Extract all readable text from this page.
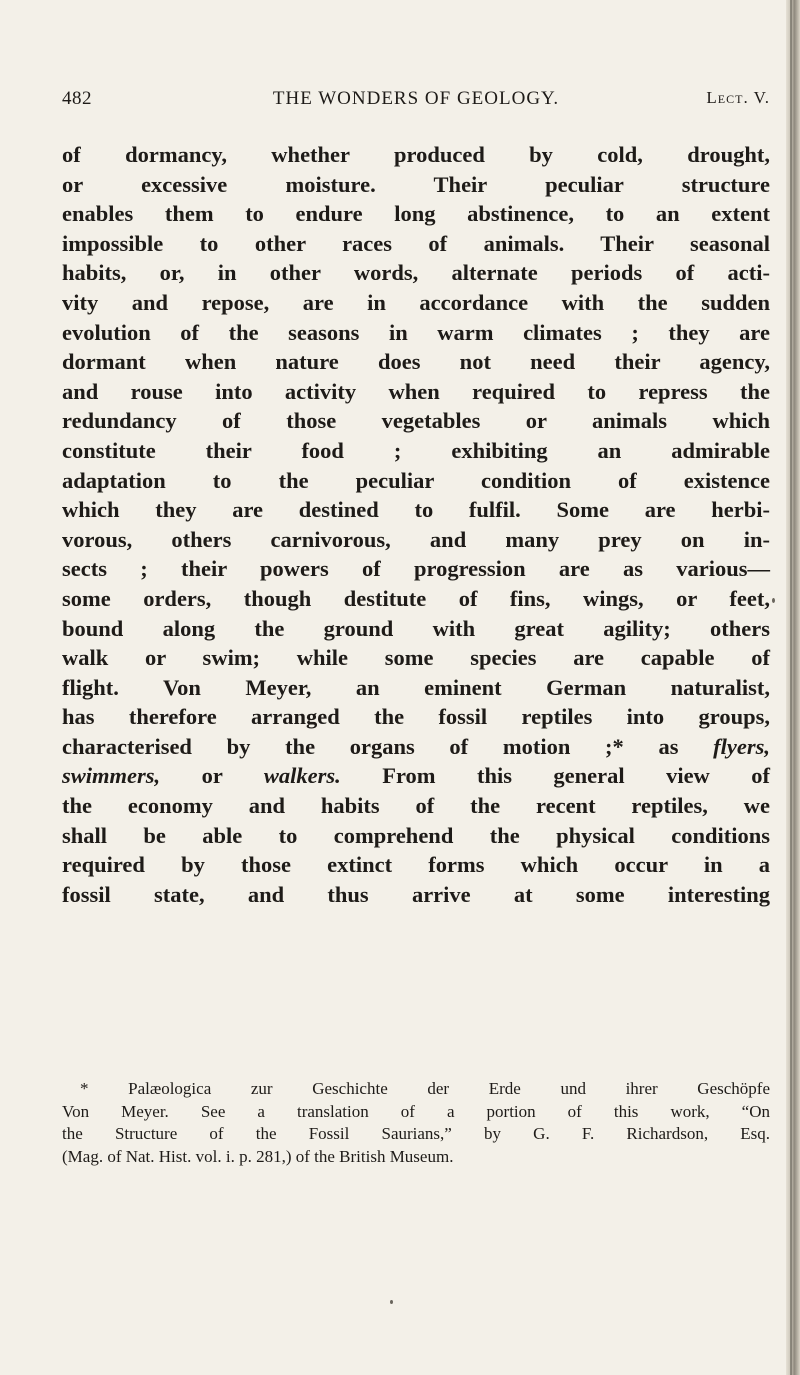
482	THE WONDERS OF GEOLOGY.	Lect. V.
of dormancy, whether produced by cold, drought,
or excessive moisture. Their peculiar structure
enables them to endure long abstinence, to an extent
impossible to other races of animals. Their seasonal
habits, or, in other words, alternate periods of acti-
vity and repose, are in accordance with the sudden
evolution of the seasons in warm climates ; they are
dormant when nature does not need their agency,
and rouse into activity when required to repress the
redundancy of those vegetables or animals which
constitute their food ; exhibiting an admirable
adaptation to the peculiar condition of existence
which they are destined to fulfil. Some are herbi-
vorous, others carnivorous, and many prey on in-
sects ; their powers of progression are as various—
some orders, though destitute of fins, wings, or feet,
bound along the ground with great agility; others
walk or swim; while some species are capable of
flight. Von Meyer, an eminent German naturalist,
has therefore arranged the fossil reptiles into groups,
characterised by the organs of motion ;* as flyers,
swimmers, or walkers. From this general view of
the economy and habits of the recent reptiles, we
shall be able to comprehend the physical conditions
required by those extinct forms which occur in a
fossil state, and thus arrive at some interesting
* Palæologica zur Geschichte der Erde und ihrer Geschöpfe
Von Meyer. See a translation of a portion of this work, “On
the Structure of the Fossil Saurians,” by G. F. Richardson, Esq.
(Mag. of Nat. Hist. vol. i. p. 281,) of the British Museum.
